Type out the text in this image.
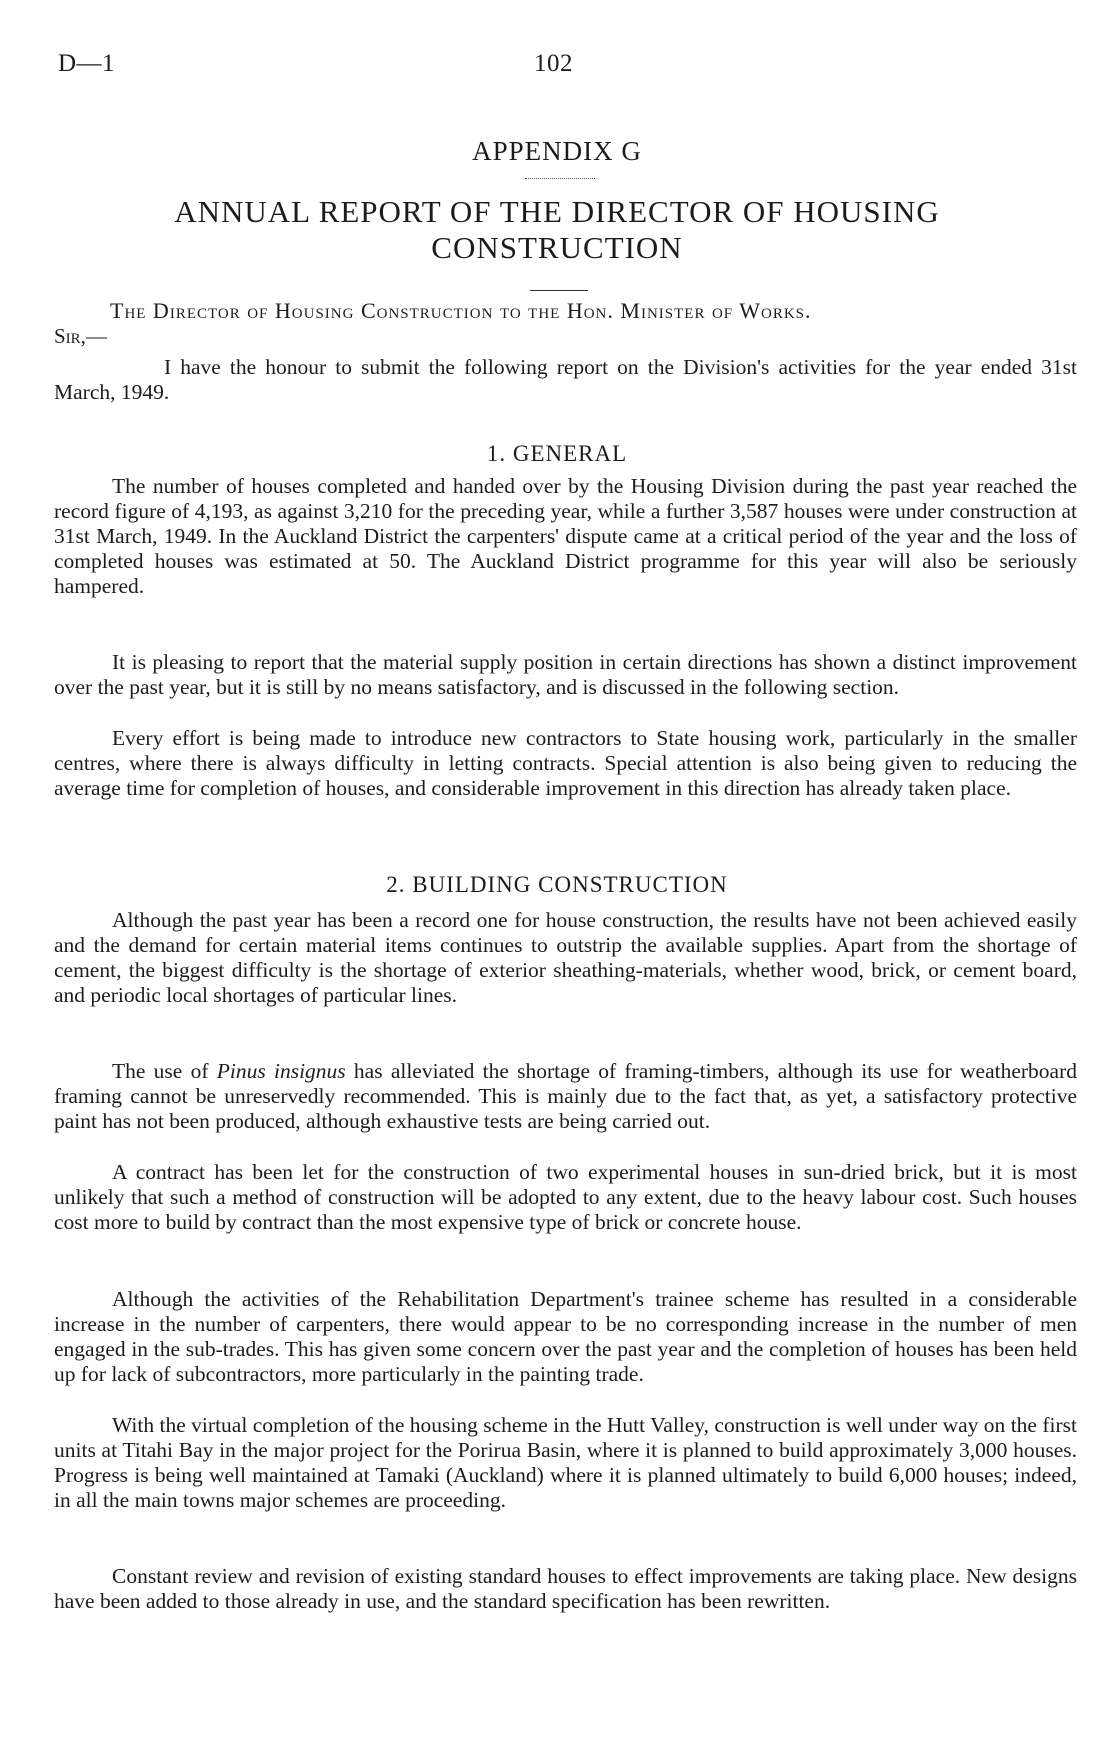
D—1	102
APPENDIX G
ANNUAL REPORT OF THE DIRECTOR OF HOUSING
CONSTRUCTION
The Director of Housing Construction to the Hon. Minister of Works.
Sir,—

I have the honour to submit the following report on the Division's activities for the year ended 31st March, 1949.

1. GENERAL

The number of houses completed and handed over by the Housing Division during the past year reached the record figure of 4,193, as against 3,210 for the preceding year, while a further 3,587 houses were under construction at 31st March, 1949. In the Auckland District the carpenters' dispute came at a critical period of the year and the loss of completed houses was estimated at 50. The Auckland District programme for this year will also be seriously hampered.

It is pleasing to report that the material supply position in certain directions has shown a distinct improvement over the past year, but it is still by no means satisfactory, and is discussed in the following section.

Every effort is being made to introduce new contractors to State housing work, particularly in the smaller centres, where there is always difficulty in letting contracts. Special attention is also being given to reducing the average time for completion of houses, and considerable improvement in this direction has already taken place.

2. BUILDING CONSTRUCTION

Although the past year has been a record one for house construction, the results have not been achieved easily and the demand for certain material items continues to outstrip the available supplies. Apart from the shortage of cement, the biggest difficulty is the shortage of exterior sheathing-materials, whether wood, brick, or cement board, and periodic local shortages of particular lines.

The use of Pinus insignus has alleviated the shortage of framing-timbers, although its use for weatherboard framing cannot be unreservedly recommended. This is mainly due to the fact that, as yet, a satisfactory protective paint has not been produced, although exhaustive tests are being carried out.

A contract has been let for the construction of two experimental houses in sun-dried brick, but it is most unlikely that such a method of construction will be adopted to any extent, due to the heavy labour cost. Such houses cost more to build by contract than the most expensive type of brick or concrete house.

Although the activities of the Rehabilitation Department's trainee scheme has resulted in a considerable increase in the number of carpenters, there would appear to be no corresponding increase in the number of men engaged in the sub-trades. This has given some concern over the past year and the completion of houses has been held up for lack of subcontractors, more particularly in the painting trade.

With the virtual completion of the housing scheme in the Hutt Valley, construction is well under way on the first units at Titahi Bay in the major project for the Porirua Basin, where it is planned to build approximately 3,000 houses. Progress is being well maintained at Tamaki (Auckland) where it is planned ultimately to build 6,000 houses; indeed, in all the main towns major schemes are proceeding.

Constant review and revision of existing standard houses to effect improvements are taking place. New designs have been added to those already in use, and the standard specification has been rewritten.
